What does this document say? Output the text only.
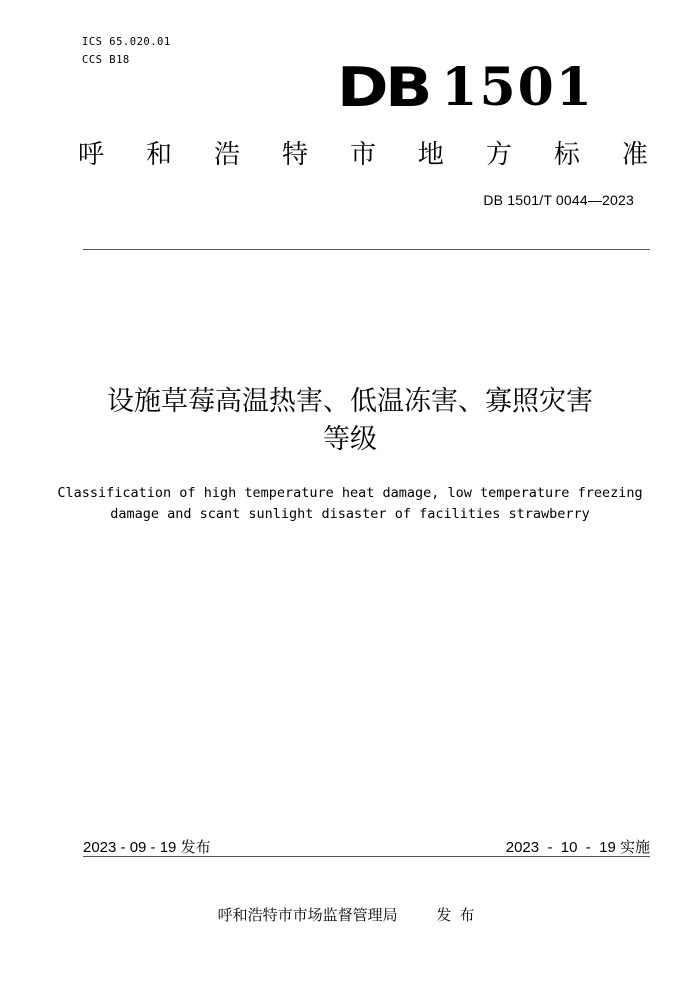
ICS 65.020.01
CCS B18	DB 1501
呼 和 浩 特 市 地 方 标 准
DB 1501/T 0044—2023
设施草莓高温热害、低温冻害、寡照灾害
等级
Classification of high temperature heat damage, low temperature freezing
damage and scant sunlight disaster of facilities strawberry
2023 - 09 - 19 发布	2023  -  10  -  19 实施
呼和浩特市市场监督管理局	发布
